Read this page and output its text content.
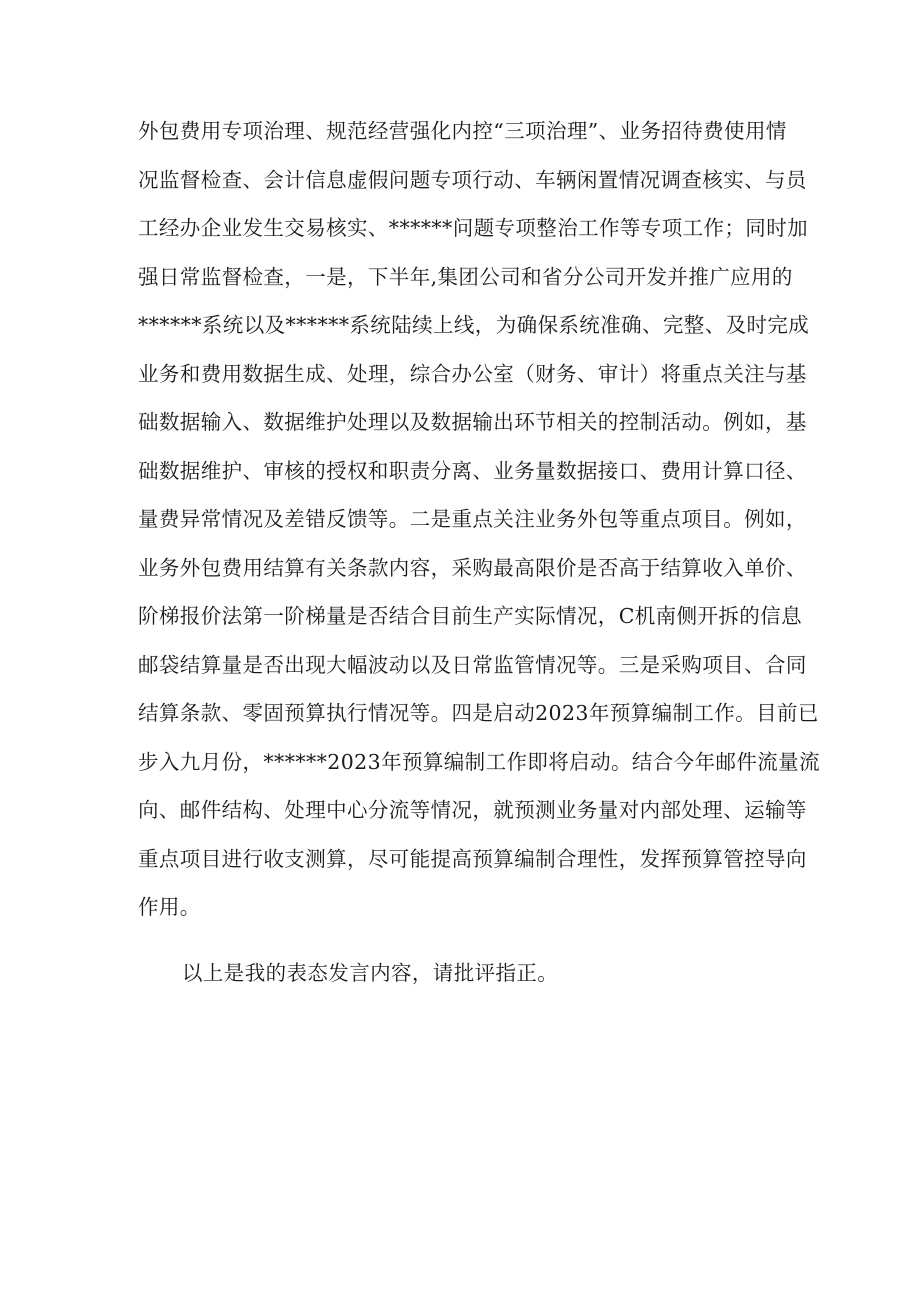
外包费用专项治理、规范经营强化内控“三项治理”、业务招待费使用情
况监督检查、会计信息虚假问题专项行动、车辆闲置情况调查核实、与员
工经办企业发生交易核实、******问题专项整治工作等专项工作；同时加
强日常监督检查，一是，下半年,集团公司和省分公司开发并推广应用的
******系统以及******系统陆续上线，为确保系统准确、完整、及时完成
业务和费用数据生成、处理，综合办公室（财务、审计）将重点关注与基
础数据输入、数据维护处理以及数据输出环节相关的控制活动。例如，基
础数据维护、审核的授权和职责分离、业务量数据接口、费用计算口径、
量费异常情况及差错反馈等。二是重点关注业务外包等重点项目。例如，
业务外包费用结算有关条款内容，采购最高限价是否高于结算收入单价、
阶梯报价法第一阶梯量是否结合目前生产实际情况，C机南侧开拆的信息
邮袋结算量是否出现大幅波动以及日常监管情况等。三是采购项目、合同
结算条款、零固预算执行情况等。四是启动2023年预算编制工作。目前已
步入九月份，******2023年预算编制工作即将启动。结合今年邮件流量流
向、邮件结构、处理中心分流等情况，就预测业务量对内部处理、运输等
重点项目进行收支测算，尽可能提高预算编制合理性，发挥预算管控导向
作用。
以上是我的表态发言内容，请批评指正。
